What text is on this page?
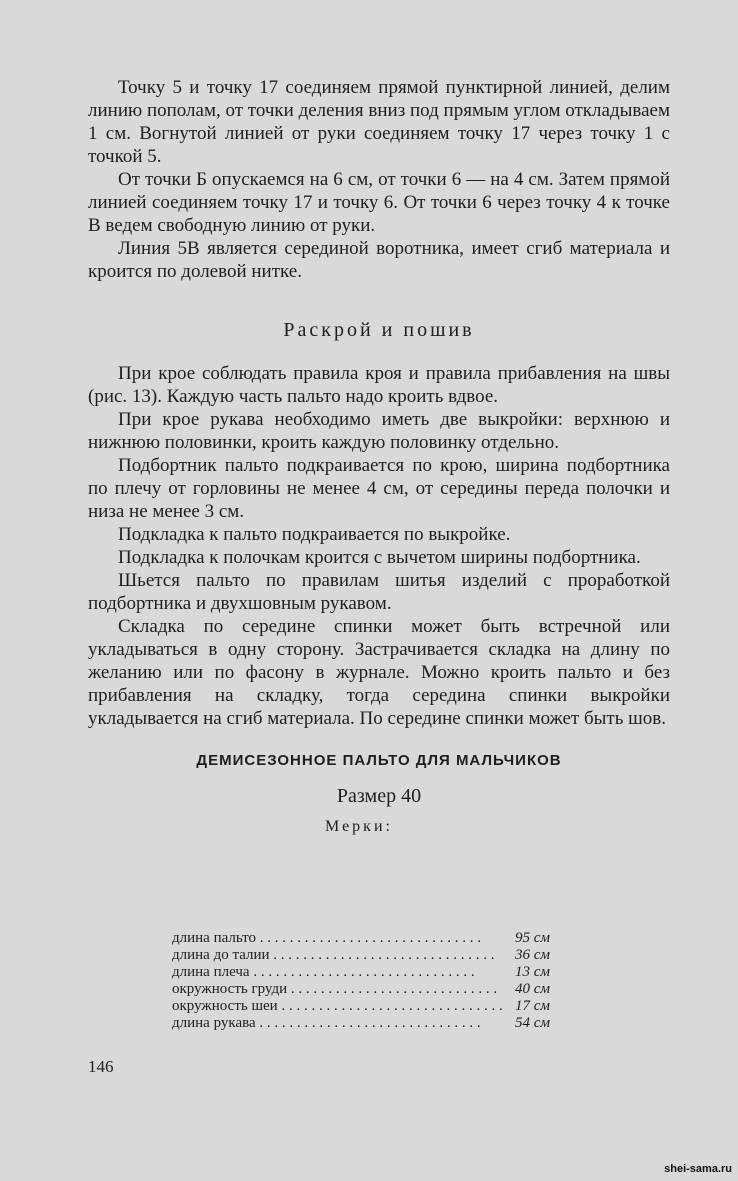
Точку 5 и точку 17 соединяем прямой пунктирной линией, делим линию пополам, от точки деления вниз под прямым углом откладываем 1 см. Вогнутой линией от руки соединяем точку 17 через точку 1 с точкой 5.

От точки Б опускаемся на 6 см, от точки 6 — на 4 см. Затем прямой линией соединяем точку 17 и точку 6. От точки 6 через точку 4 к точке В ведем свободную линию от руки.

Линия 5В является серединой воротника, имеет сгиб материала и кроится по долевой нитке.

Раскрой и пошив

При крое соблюдать правила кроя и правила прибавления на швы (рис. 13). Каждую часть пальто надо кроить вдвое.

При крое рукава необходимо иметь две выкройки: верхнюю и нижнюю половинки, кроить каждую половинку отдельно.

Подбортник пальто подкраивается по крою, ширина подбортника по плечу от горловины не менее 4 см, от середины переда полочки и низа не менее 3 см.

Подкладка к пальто подкраивается по выкройке.

Подкладка к полочкам кроится с вычетом ширины подбортника.

Шьется пальто по правилам шитья изделий с проработкой подбортника и двухшовным рукавом.

Складка по середине спинки может быть встречной или укладываться в одну сторону. Застрачивается складка на длину по желанию или по фасону в журнале. Можно кроить пальто и без прибавления на складку, тогда середина спинки выкройки укладывается на сгиб материала. По середине спинки может быть шов.

ДЕМИСЕЗОННОЕ ПАЛЬТО ДЛЯ МАЛЬЧИКОВ
Размер 40
Мерки:
длина пальто . . .	95 см
длина до талии . . .	36 см
длина плеча . . .	13 см
окружность груди . . .	40 см
окружность шеи . . .	17 см
длина рукава . . .	54 см
146
shei-sama.ru
